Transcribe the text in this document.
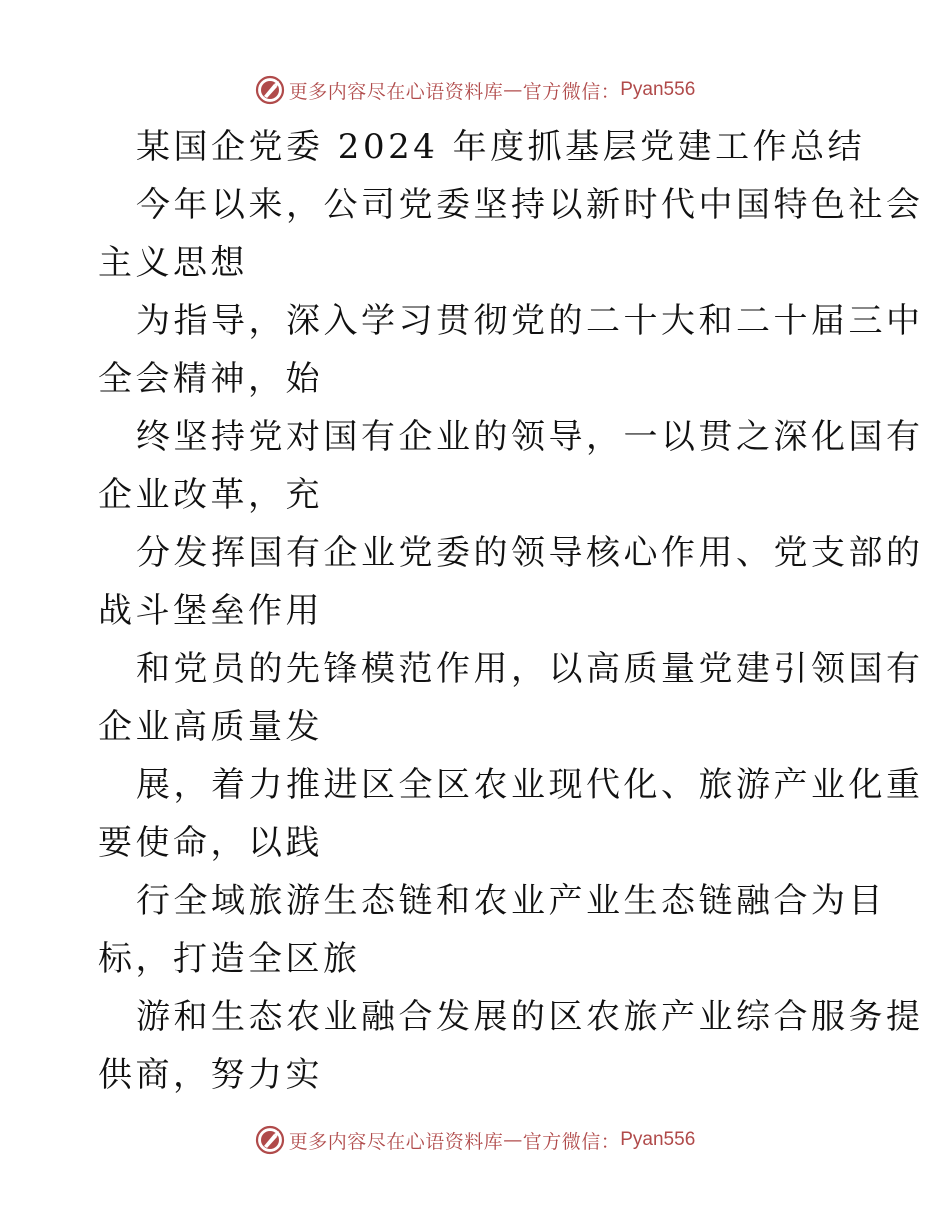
更多内容尽在心语资料库 — 官方微信： Pyan556
某国企党委 2024 年度抓基层党建工作总结
今年以来，公司党委坚持以新时代中国特色社会
主义思想
为指导，深入学习贯彻党的二十大和二十届三中
全会精神，始
终坚持党对国有企业的领导，一以贯之深化国有
企业改革，充
分发挥国有企业党委的领导核心作用、党支部的
战斗堡垒作用
和党员的先锋模范作用，以高质量党建引领国有
企业高质量发
展，着力推进区全区农业现代化、旅游产业化重
要使命，以践
行全域旅游生态链和农业产业生态链融合为目
标，打造全区旅
游和生态农业融合发展的区农旅产业综合服务提
供商，努力实
更多内容尽在心语资料库 — 官方微信： Pyan556
